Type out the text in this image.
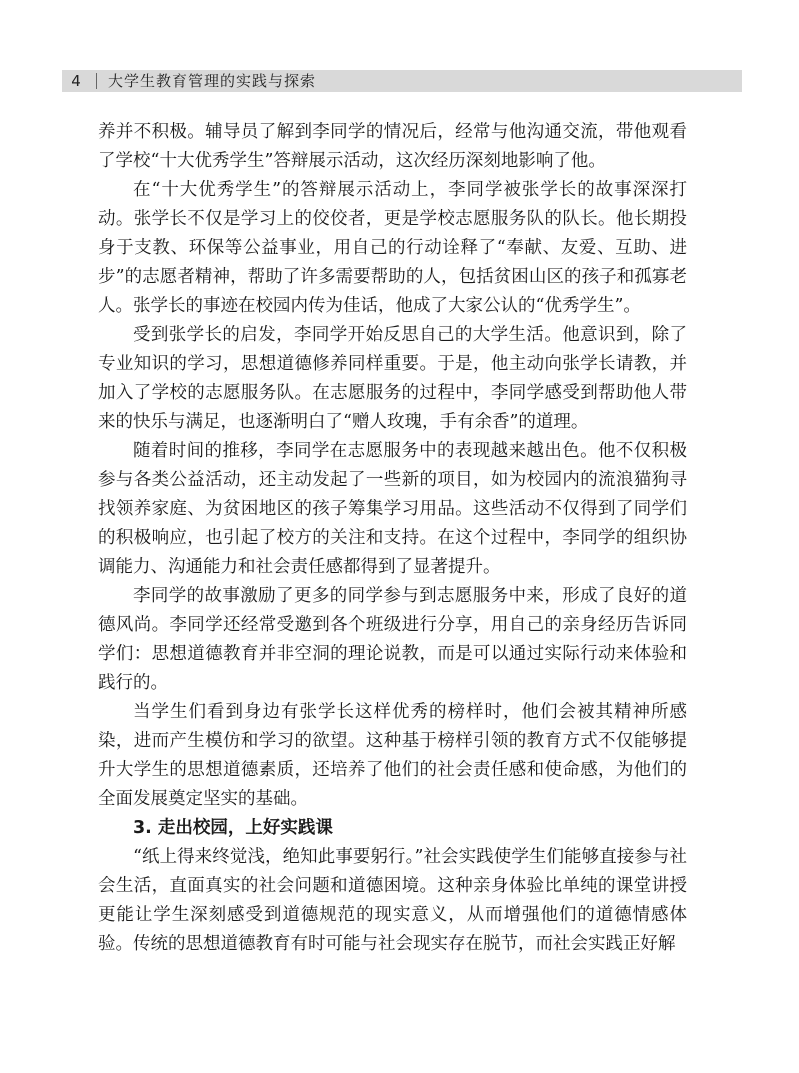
4	大学生教育管理的实践与探索

养并不积极。辅导员了解到李同学的情况后，经常与他沟通交流，带他观看了学校“十大优秀学生”答辩展示活动，这次经历深刻地影响了他。

在“十大优秀学生”的答辩展示活动上，李同学被张学长的故事深深打动。张学长不仅是学习上的佼佼者，更是学校志愿服务队的队长。他长期投身于支教、环保等公益事业，用自己的行动诠释了“奉献、友爱、互助、进步”的志愿者精神，帮助了许多需要帮助的人，包括贫困山区的孩子和孤寡老人。张学长的事迹在校园内传为佳话，他成了大家公认的“优秀学生”。

受到张学长的启发，李同学开始反思自己的大学生活。他意识到，除了专业知识的学习，思想道德修养同样重要。于是，他主动向张学长请教，并加入了学校的志愿服务队。在志愿服务的过程中，李同学感受到帮助他人带来的快乐与满足，也逐渐明白了“赠人玫瑰，手有余香”的道理。

随着时间的推移，李同学在志愿服务中的表现越来越出色。他不仅积极参与各类公益活动，还主动发起了一些新的项目，如为校园内的流浪猫狗寻找领养家庭、为贫困地区的孩子筹集学习用品。这些活动不仅得到了同学们的积极响应，也引起了校方的关注和支持。在这个过程中，李同学的组织协调能力、沟通能力和社会责任感都得到了显著提升。

李同学的故事激励了更多的同学参与到志愿服务中来，形成了良好的道德风尚。李同学还经常受邀到各个班级进行分享，用自己的亲身经历告诉同学们：思想道德教育并非空洞的理论说教，而是可以通过实际行动来体验和践行的。

当学生们看到身边有张学长这样优秀的榜样时，他们会被其精神所感染，进而产生模仿和学习的欲望。这种基于榜样引领的教育方式不仅能够提升大学生的思想道德素质，还培养了他们的社会责任感和使命感，为他们的全面发展奠定坚实的基础。

3. 走出校园，上好实践课

“纸上得来终觉浅，绝知此事要躬行。”社会实践使学生们能够直接参与社会生活，直面真实的社会问题和道德困境。这种亲身体验比单纯的课堂讲授更能让学生深刻感受到道德规范的现实意义，从而增强他们的道德情感体验。传统的思想道德教育有时可能与社会现实存在脱节，而社会实践正好解
